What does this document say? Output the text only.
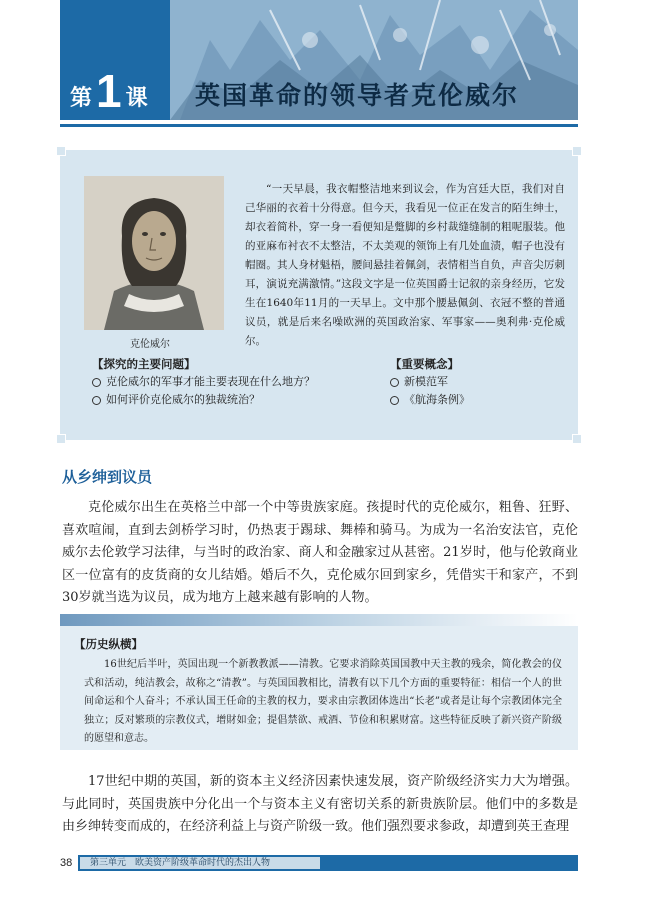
第 1 课 英国革命的领导者克伦威尔
克伦威尔

“一天早晨，我衣帽整洁地来到议会，作为宫廷大臣，我们对自己华丽的衣着十分得意。但今天，我看见一位正在发言的陌生绅士，却衣着简朴，穿一身一看便知是蹩脚的乡村裁缝缝制的粗呢服装。他的亚麻布衬衣不太整洁，不太美观的领饰上有几处血渍，帽子也没有帽圈。其人身材魁梧，腰间悬挂着佩剑，表情相当自负，声音尖厉刺耳，演说充满激情。”这段文字是一位英国爵士记叙的亲身经历，它发生在1640年11月的一天早上。文中那个腰悬佩剑、衣冠不整的普通议员，就是后来名噪欧洲的英国政治家、军事家——奥利弗·克伦威尔。

【探究的主要问题】
克伦威尔的军事才能主要表现在什么地方？
如何评价克伦威尔的独裁统治？
【重要概念】
新模范军
《航海条例》
从乡绅到议员

克伦威尔出生在英格兰中部一个中等贵族家庭。孩提时代的克伦威尔，粗鲁、狂野、喜欢喧闹，直到去剑桥学习时，仍热衷于踢球、舞棒和骑马。为成为一名治安法官，克伦威尔去伦敦学习法律，与当时的政治家、商人和金融家过从甚密。21岁时，他与伦敦商业区一位富有的皮货商的女儿结婚。婚后不久，克伦威尔回到家乡，凭借实干和家产，不到30岁就当选为议员，成为地方上越来越有影响的人物。

【历史纵横】

16世纪后半叶，英国出现一个新教教派——清教。它要求消除英国国教中天主教的残余，简化教会的仪式和活动，纯洁教会，故称之“清教”。与英国国教相比，清教有以下几个方面的重要特征：相信一个人的世间命运和个人奋斗；不承认国王任命的主教的权力，要求由宗教团体选出“长老”或者是让每个宗教团体完全独立；反对繁琐的宗教仪式，增財如金；提倡禁欲、戒酒、节俭和积累财富。这些特征反映了新兴资产阶级的愿望和意志。

17世纪中期的英国，新的资本主义经济因素快速发展，资产阶级经济实力大为增强。与此同时，英国贵族中分化出一个与资本主义有密切关系的新贵族阶层。他们中的多数是由乡绅转变而成的，在经济利益上与资产阶级一致。他们强烈要求参政，却遭到英王查理

38 第三单元　欧美资产阶级革命时代的杰出人物
